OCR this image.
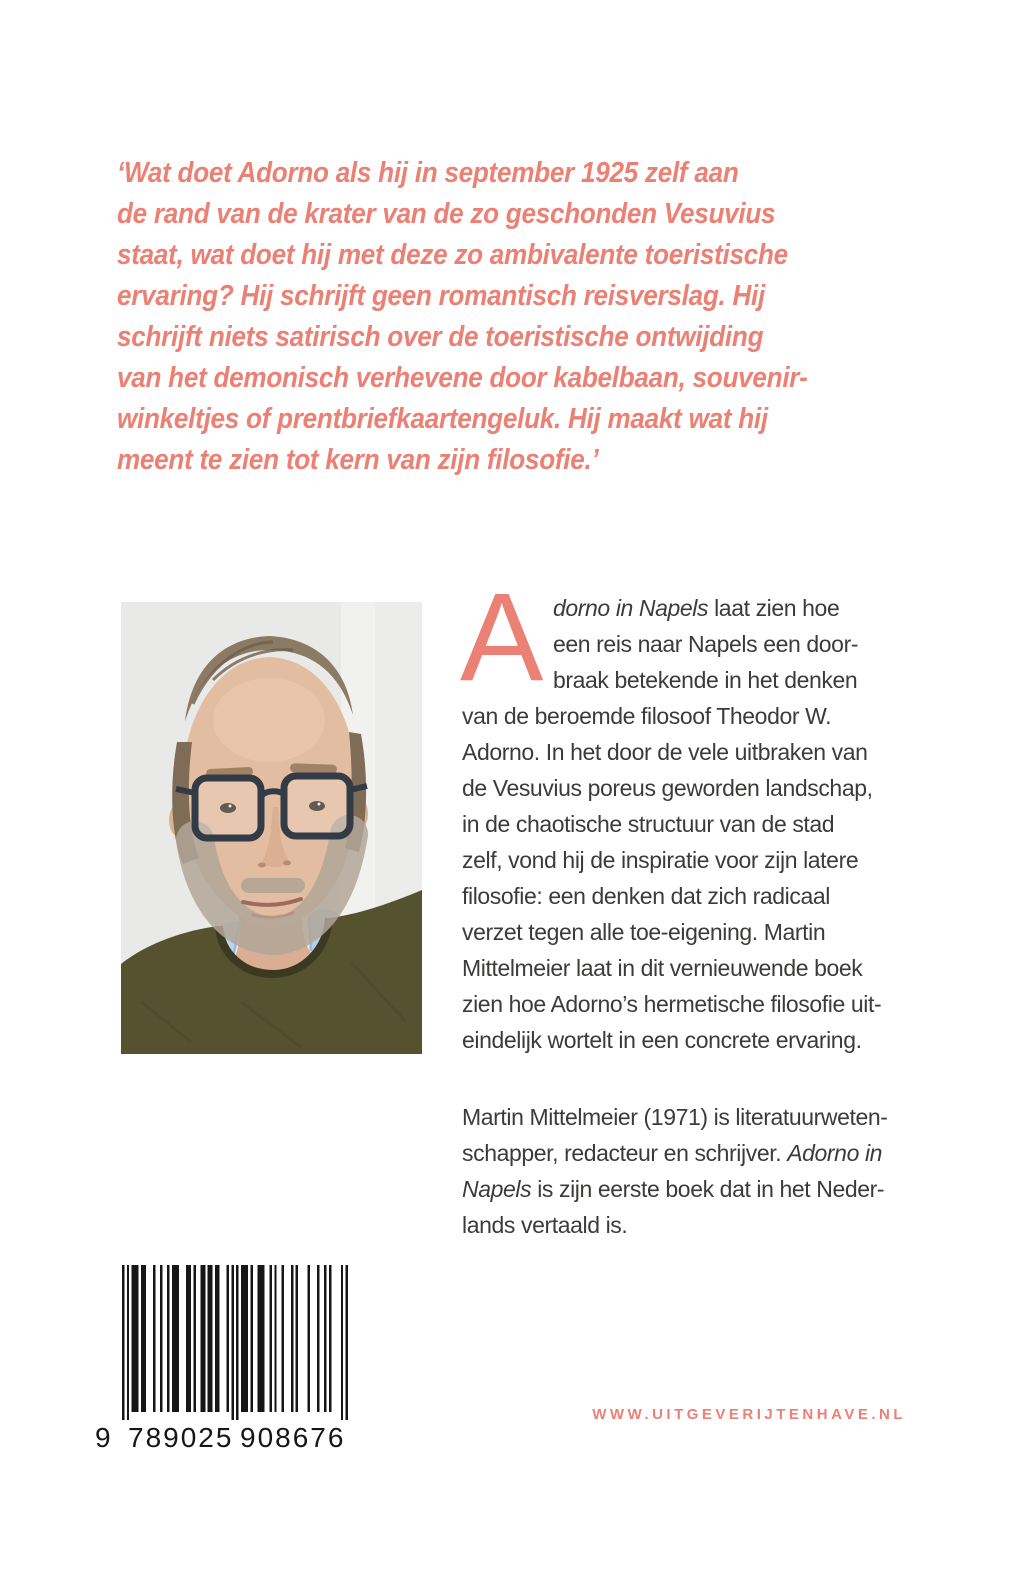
‘Wat doet Adorno als hij in september 1925 zelf aan
de rand van de krater van de zo geschonden Vesuvius
staat, wat doet hij met deze zo ambivalente toeristische
ervaring? Hij schrijft geen romantisch reisverslag. Hij
schrijft niets satirisch over de toeristische ontwijding
van het demonisch verhevene door kabelbaan, souvenir-
winkeltjes of prentbriefkaartengeluk. Hij maakt wat hij
meent te zien tot kern van zijn filosofie.’
A dorno in Napels laat zien hoe
een reis naar Napels een door-
braak betekende in het denken
van de beroemde filosoof Theodor W.
Adorno. In het door de vele uitbraken van
de Vesuvius poreus geworden landschap,
in de chaotische structuur van de stad
zelf, vond hij de inspiratie voor zijn latere
filosofie: een denken dat zich radicaal
verzet tegen alle toe-eigening. Martin
Mittelmeier laat in dit vernieuwende boek
zien hoe Adorno’s hermetische filosofie uit-
eindelijk wortelt in een concrete ervaring.
Martin Mittelmeier (1971) is literatuurweten-
schapper, redacteur en schrijver. Adorno in
Napels is zijn eerste boek dat in het Neder-
lands vertaald is.
9 789025 908676
WWW.UITGEVERIJTENHAVE.NL
